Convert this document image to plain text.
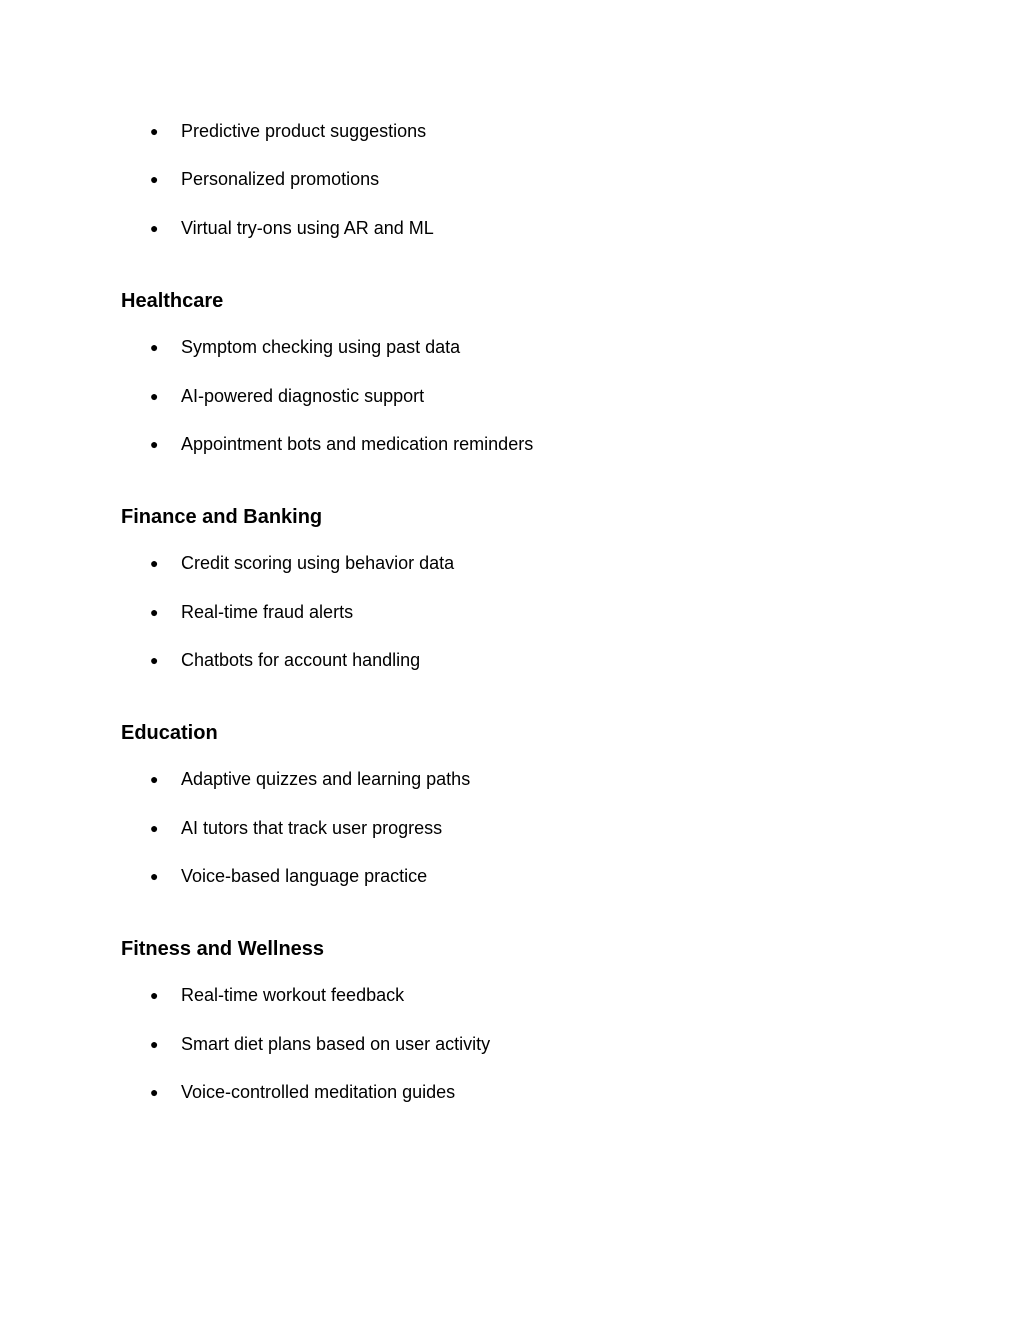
●	Predictive product suggestions
●	Personalized promotions
●	Virtual try-ons using AR and ML
Healthcare
●	Symptom checking using past data
●	AI-powered diagnostic support
●	Appointment bots and medication reminders
Finance and Banking
●	Credit scoring using behavior data
●	Real-time fraud alerts
●	Chatbots for account handling
Education
●	Adaptive quizzes and learning paths
●	AI tutors that track user progress
●	Voice-based language practice
Fitness and Wellness
●	Real-time workout feedback
●	Smart diet plans based on user activity
●	Voice-controlled meditation guides
